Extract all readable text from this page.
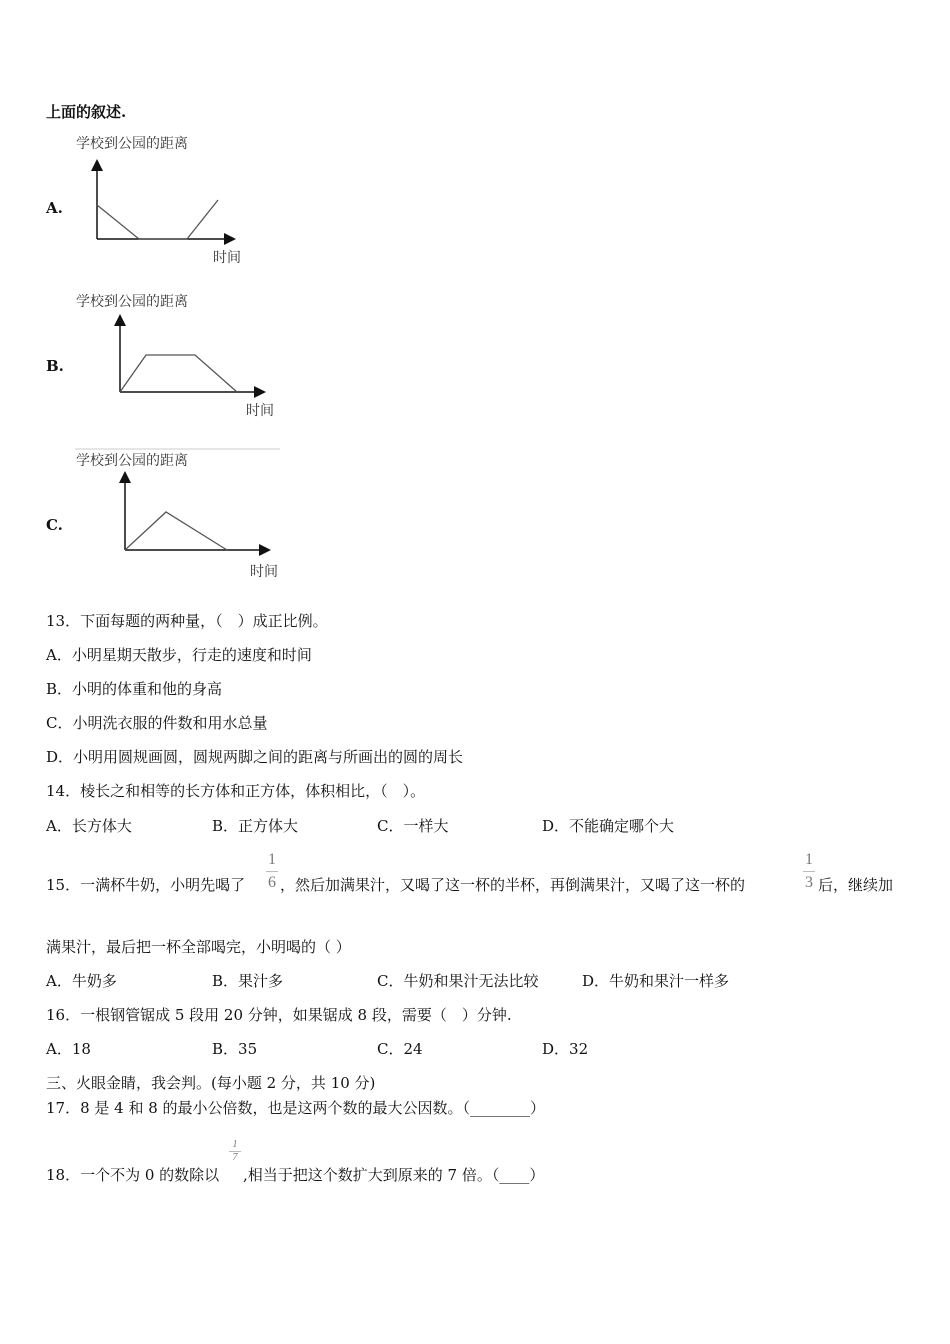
上面的叙述.
A.
学校到公园的距离
时间
B.
学校到公园的距离
时间
C.
学校到公园的距离
时间
13．下面每题的两种量，（　）成正比例。
A．小明星期天散步，行走的速度和时间
B．小明的体重和他的身高
C．小明洗衣服的件数和用水总量
D．小明用圆规画圆，圆规两脚之间的距离与所画出的圆的周长
14．棱长之和相等的长方体和正方体，体积相比，（　）。
A．长方体大	B．正方体大	C．一样大	D．不能确定哪个大
15．一满杯牛奶，小明先喝了
1
6 ，然后加满果汁，又喝了这一杯的半杯，再倒满果汁，又喝了这一杯的
1
3 后，继续加
满果汁，最后把一杯全部喝完，小明喝的（ ）
A．牛奶多	B．果汁多	C．牛奶和果汁无法比较	D．牛奶和果汁一样多
16．一根钢管锯成 5 段用 20 分钟，如果锯成 8 段，需要（　）分钟.
A．18	B．35	C．24	D．32
三、火眼金睛，我会判。(每小题 2 分，共 10 分)
17．8 是 4 和 8 的最小公倍数，也是这两个数的最大公因数。（________）
18．一个不为 0 的数除以
1
7
,相当于把这个数扩大到原来的 7 倍。（____）
